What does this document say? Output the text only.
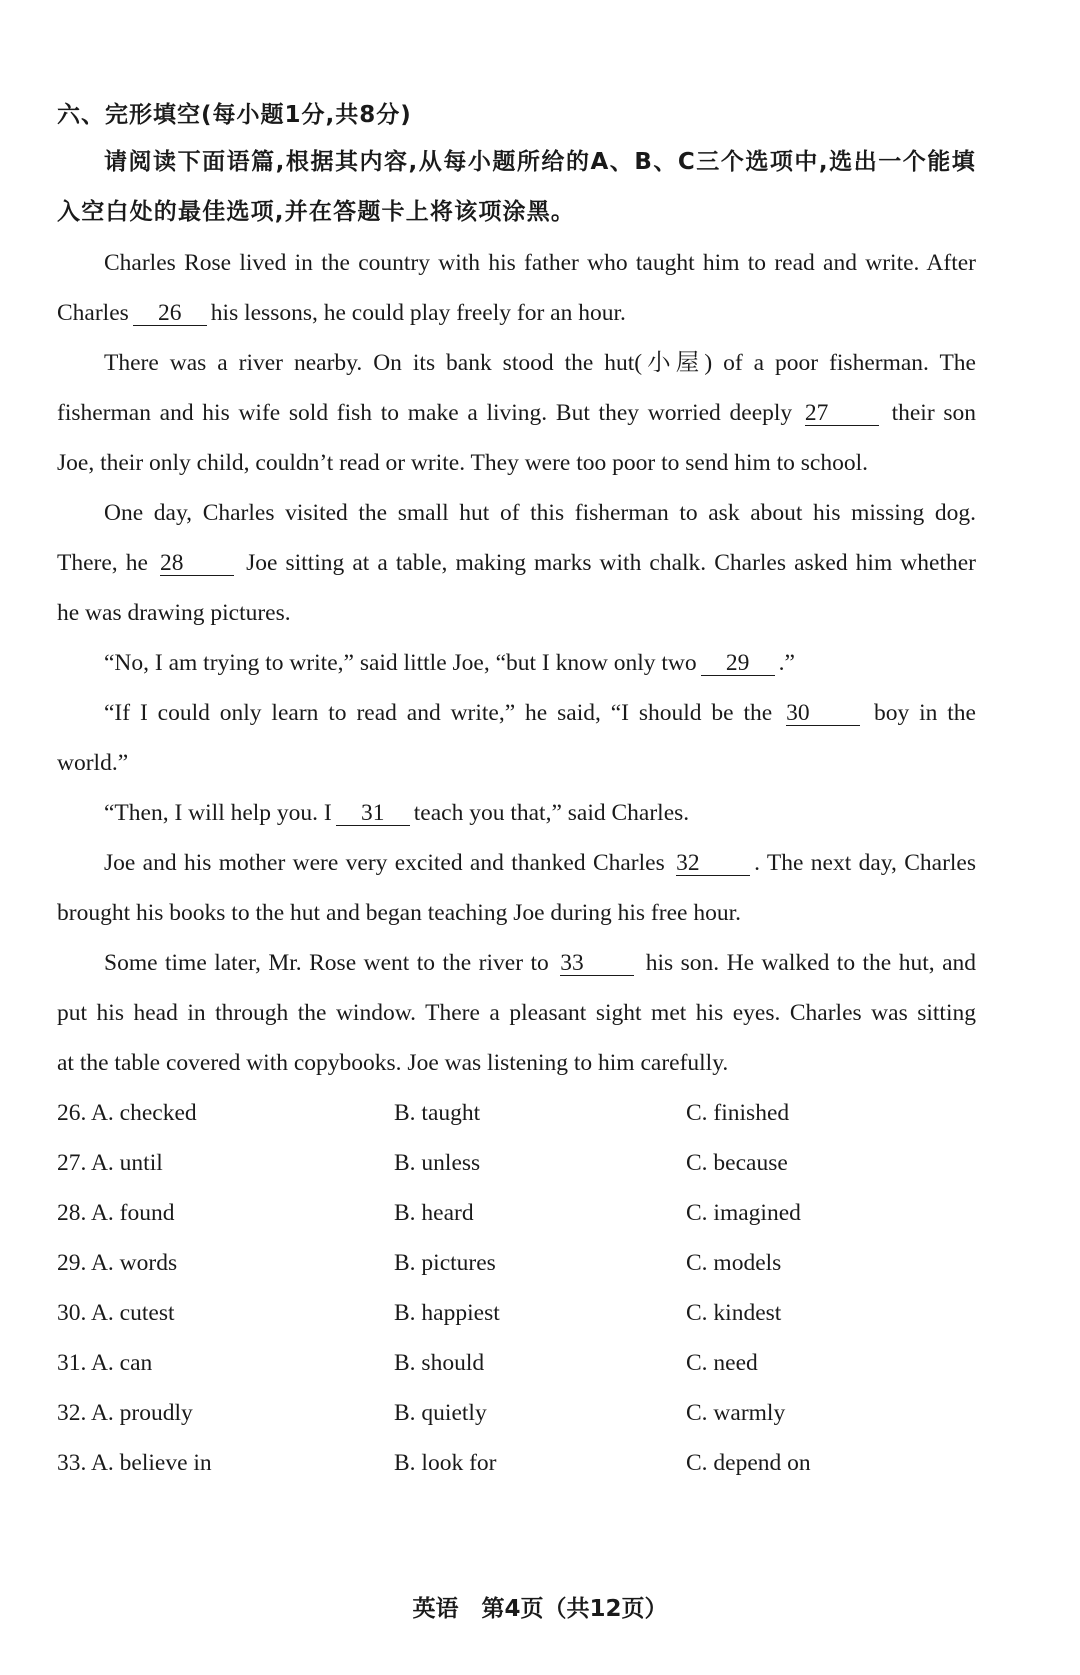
六、完形填空(每小题1分,共8分)
请阅读下面语篇,根据其内容,从每小题所给的A、B、C三个选项中,选出一个能填
入空白处的最佳选项,并在答题卡上将该项涂黑。
Charles Rose lived in the country with his father who taught him to read and write. After
Charles 26 his lessons, he could play freely for an hour.
There was a river nearby. On its bank stood the hut(小屋) of a poor fisherman. The
fisherman and his wife sold fish to make a living. But they worried deeply 27	their son
Joe, their only child, couldn’t read or write. They were too poor to send him to school.
One day, Charles visited the small hut of this fisherman to ask about his missing dog.
There, he 28	Joe sitting at a table, making marks with chalk. Charles asked him whether
he was drawing pictures.
“No, I am trying to write,” said little Joe, “but I know only two 29 .”
“If I could only learn to read and write,” he said, “I should be the 30	boy in the
world.”
“Then, I will help you. I 31 teach you that,” said Charles.
Joe and his mother were very excited and thanked Charles 32 . The next day, Charles
brought his books to the hut and began teaching Joe during his free hour.
Some time later, Mr. Rose went to the river to 33	his son. He walked to the hut, and
put his head in through the window. There a pleasant sight met his eyes. Charles was sitting
at the table covered with copybooks. Joe was listening to him carefully.
26. A. checked	B. taught	C. finished
27. A. until	B. unless	C. because
28. A. found	B. heard	C. imagined
29. A. words	B. pictures	C. models
30. A. cutest	B. happiest	C. kindest
31. A. can	B. should	C. need
32. A. proudly	B. quietly	C. warmly
33. A. believe in	B. look for	C. depend on
英语　第4页（共12页）
